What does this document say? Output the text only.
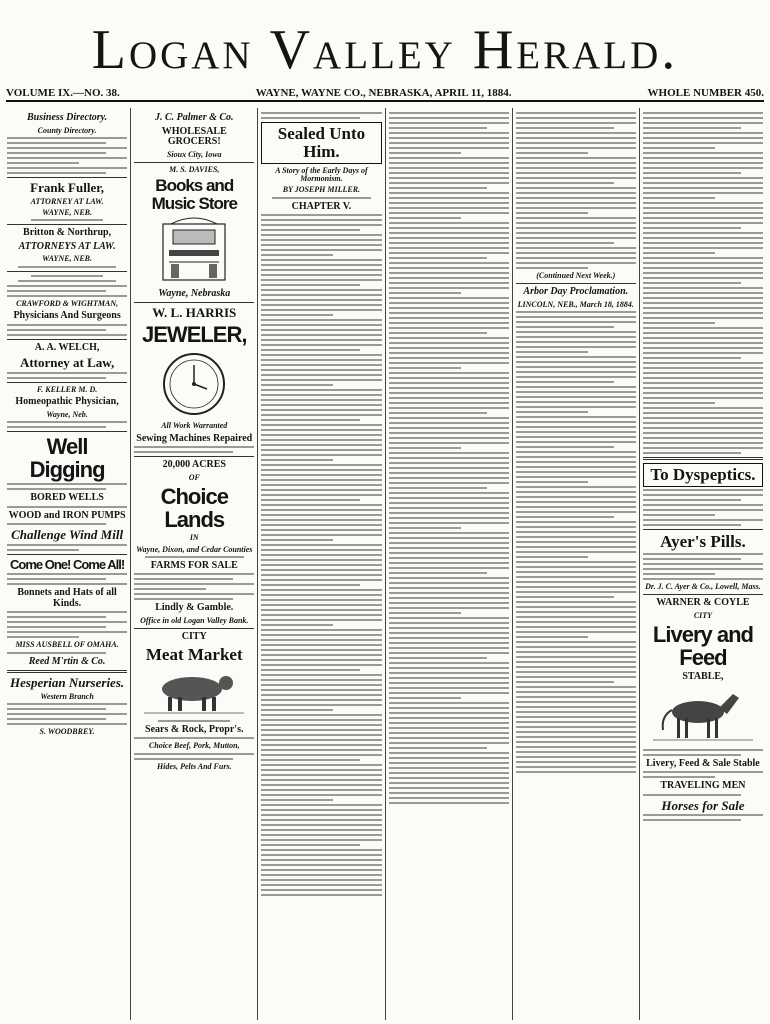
Logan Valley Herald.
VOLUME IX.—NO. 38.	WAYNE, WAYNE CO., NEBRASKA, APRIL 11, 1884.	WHOLE NUMBER 450.
Business Directory.
County Directory.
Frank Fuller,
ATTORNEY AT LAW.
WAYNE, NEB.
Britton & Northrup,
ATTORNEYS AT LAW.
WAYNE, NEB.
CRAWFORD & WIGHTMAN,
Physicians And Surgeons
A. A. WELCH,
Attorney at Law,
F. KELLER M. D.
Homeopathic Physician,
Wayne, Neb.
Well Digging
BORED WELLS
WOOD and IRON PUMPS
Challenge Wind Mill
Come One! Come All!
Bonnets and Hats of all Kinds.
MISS AUSBELL OF OMAHA.
Reed M'rtin & Co.
Hesperian Nurseries.
Western Branch
S. WOODBREY.
J. C. Palmer & Co.
WHOLESALE GROCERS!
Sioux City, Iowa
M. S. DAVIES,
Books and Music Store
Wayne, Nebraska
W. L. HARRIS
JEWELER,
All Work Warranted
Sewing Machines Repaired
20,000 ACRES
OF
Choice Lands
IN
Wayne, Dixon, and Cedar Counties
FARMS FOR SALE
Lindly & Gamble.
Office in old Logan Valley Bank.
CITY
Meat Market
Sears & Rock, Propr's.
Choice Beef, Pork, Mutton,
Hides, Pelts And Furs.
Sealed Unto Him.
A Story of the Early Days of Mormonism.
BY JOSEPH MILLER.
CHAPTER V.
(Continued Next Week.)
Arbor Day Proclamation.
LINCOLN, NEB., March 18, 1884.
To Dyspeptics.
Ayer's Pills.
Dr. J. C. Ayer & Co., Lowell, Mass.
WARNER & COYLE
CITY
Livery and Feed
STABLE,
Livery, Feed & Sale Stable
TRAVELING MEN
Horses for Sale
